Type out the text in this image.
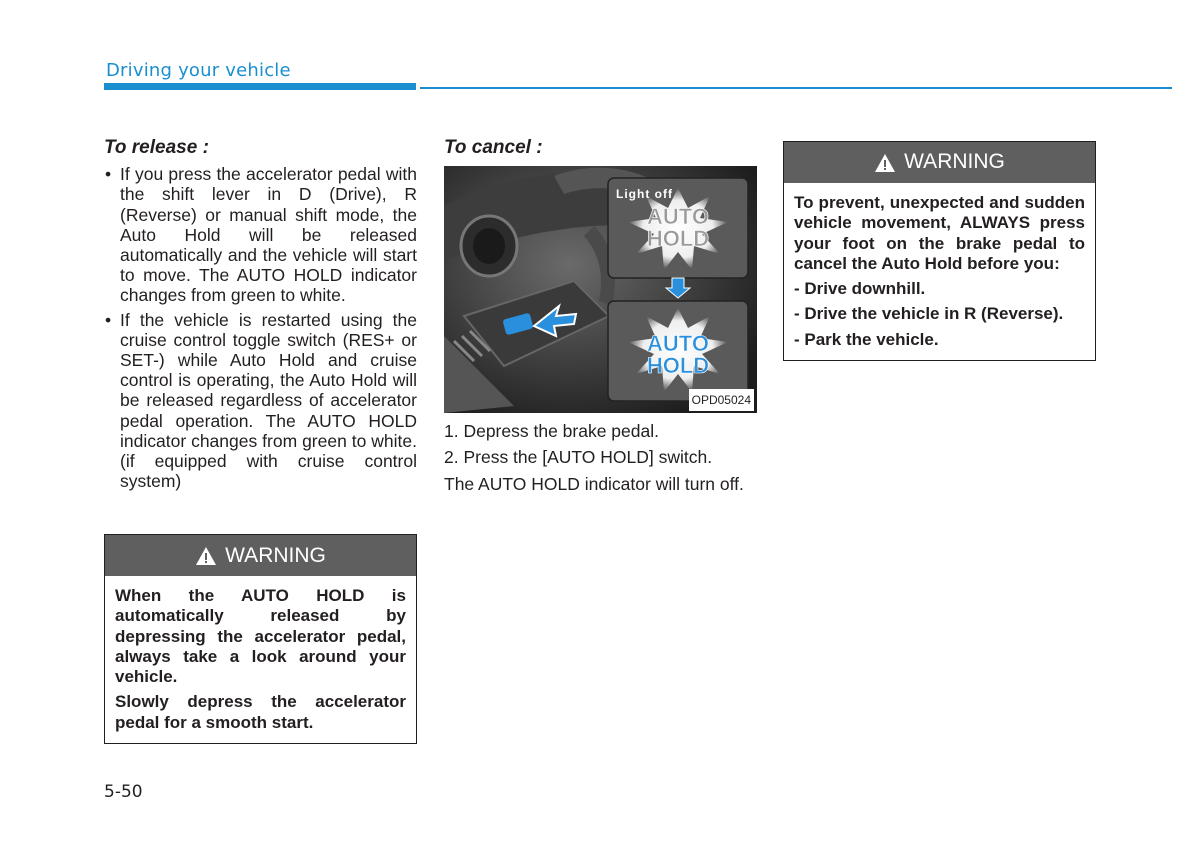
Driving your vehicle
To release :
• If you press the accelerator pedal with the shift lever in D (Drive), R (Reverse) or manual shift mode, the Auto Hold will be released automatically and the vehicle will start to move. The AUTO HOLD indicator changes from green to white.
• If the vehicle is restarted using the cruise control toggle switch (RES+ or SET-) while Auto Hold and cruise control is operating, the Auto Hold will be released regardless of accelerator pedal operation. The AUTO HOLD indicator changes from green to white. (if equipped with cruise control system)
WARNING

When the AUTO HOLD is automatically released by depressing the accelerator pedal, always take a look around your vehicle.

Slowly depress the accelerator pedal for a smooth start.

To cancel :
Light off
AUTO
HOLD
AUTO
HOLD
OPD05024

1. Depress the brake pedal.

2. Press the [AUTO HOLD] switch.

The AUTO HOLD indicator will turn off.

WARNING

To prevent, unexpected and sudden vehicle movement, ALWAYS press your foot on the brake pedal to cancel the Auto Hold before you:

- Drive downhill.

- Drive the vehicle in R (Reverse).

- Park the vehicle.

5-50
